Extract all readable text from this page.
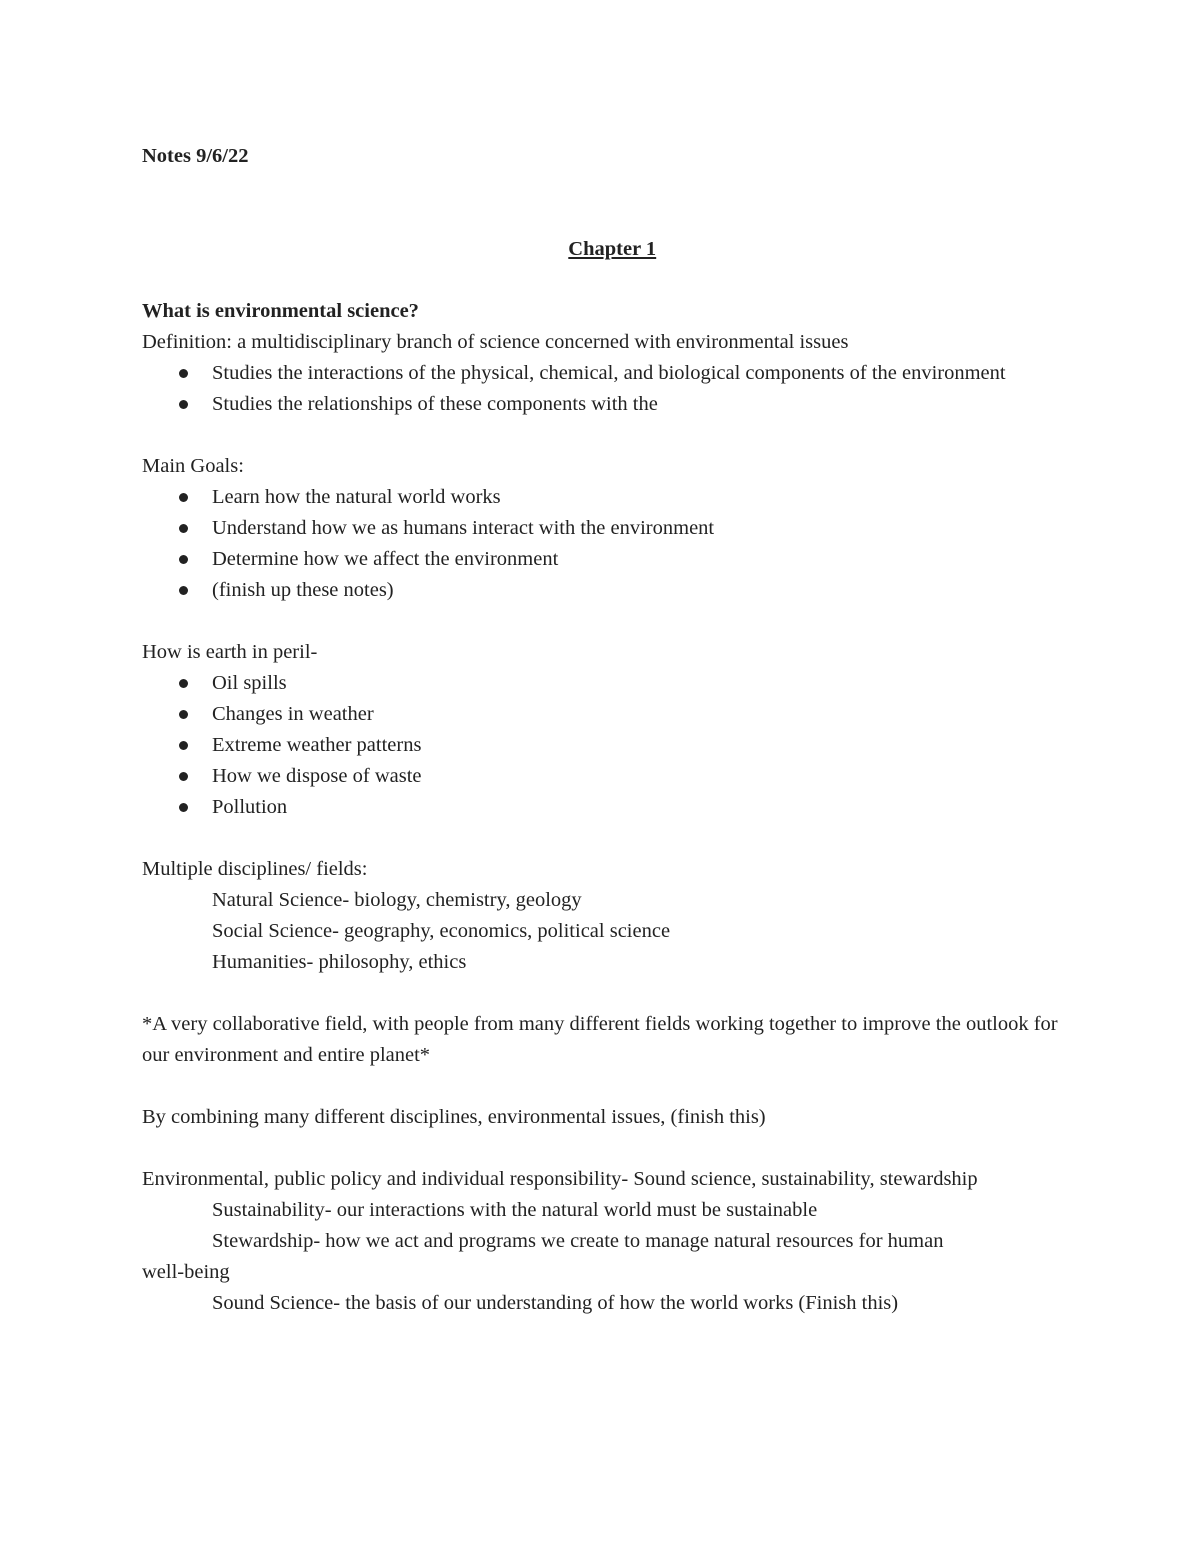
Notes 9/6/22

Chapter 1

What is environmental science?
Definition: a multidisciplinary branch of science concerned with environmental issues
Studies the interactions of the physical, chemical, and biological components of the environment
Studies the relationships of these components with the
Main Goals:
Learn how the natural world works
Understand how we as humans interact with the environment
Determine how we affect the environment
(finish up these notes)
How is earth in peril-
Oil spills
Changes in weather
Extreme weather patterns
How we dispose of waste
Pollution
Multiple disciplines/ fields:
Natural Science- biology, chemistry, geology
Social Science- geography, economics, political science
Humanities- philosophy, ethics
*A very collaborative field, with people from many different fields working together to improve the outlook for our environment and entire planet*
By combining many different disciplines, environmental issues, (finish this)
Environmental, public policy and individual responsibility- Sound science, sustainability, stewardship
Sustainability- our interactions with the natural world must be sustainable
Stewardship- how we act and programs we create to manage natural resources for human
well-being
Sound Science- the basis of our understanding of how the world works (Finish this)
